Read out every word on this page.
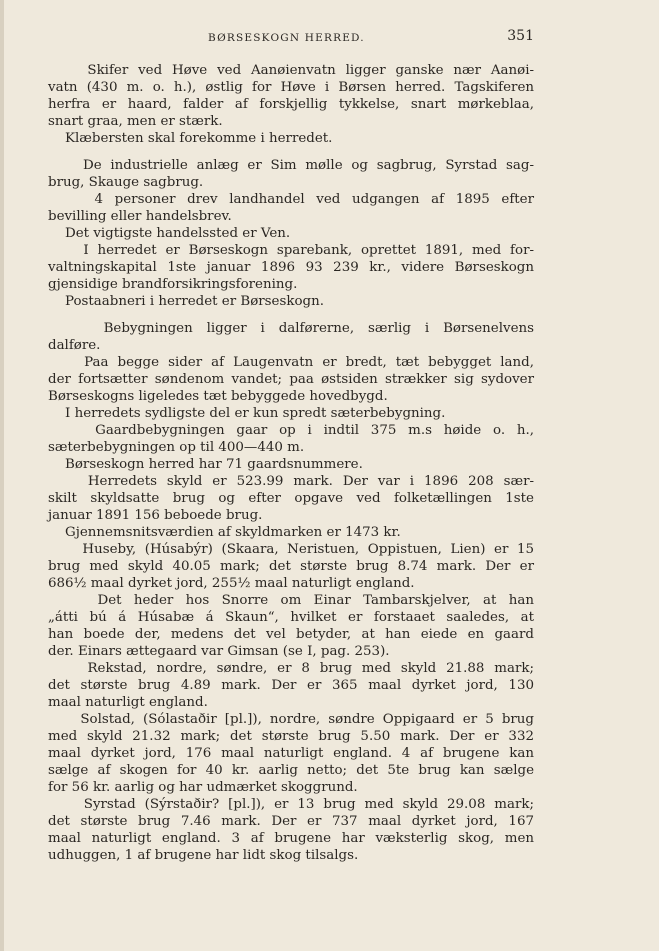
BØRSESKOGN HERRED.	351
Skifer ved Høve ved Aanøienvatn ligger ganske nær Aanøi-
vatn (430 m. o. h.), østlig for Høve i Børsen herred. Tagskiferen
herfra er haard, falder af forskjellig tykkelse, snart mørkeblaa,
snart graa, men er stærk.
Klæbersten skal forekomme i herredet.
De industrielle anlæg er Sim mølle og sagbrug, Syrstad sag-
brug, Skauge sagbrug.
4 personer drev landhandel ved udgangen af 1895 efter
bevilling eller handelsbrev.
Det vigtigste handelssted er Ven.
I herredet er Børseskogn sparebank, oprettet 1891, med for-
valtningskapital 1ste januar 1896 93 239 kr., videre Børseskogn
gjensidige brandforsikringsforening.
Postaabneri i herredet er Børseskogn.
Bebygningen ligger i dalførerne, særlig i Børsenelvens
dalføre.
Paa begge sider af Laugenvatn er bredt, tæt bebygget land,
der fortsætter søndenom vandet; paa østsiden strækker sig sydover
Børseskogns ligeledes tæt bebyggede hovedbygd.
I herredets sydligste del er kun spredt sæterbebygning.
Gaardbebygningen gaar op i indtil 375 m.s høide o. h.,
sæterbebygningen op til 400—440 m.
Børseskogn herred har 71 gaardsnummere.
Herredets skyld er 523.99 mark. Der var i 1896 208 sær-
skilt skyldsatte brug og efter opgave ved folketællingen 1ste
januar 1891 156 beboede brug.
Gjennemsnitsværdien af skyldmarken er 1473 kr.
Huseby, (Húsabýr) (Skaara, Neristuen, Oppistuen, Lien) er 15
brug med skyld 40.05 mark; det største brug 8.74 mark. Der er
686½ maal dyrket jord, 255½ maal naturligt england.
Det heder hos Snorre om Einar Tambarskjelver, at han
„átti bú á Húsabæ á Skaun“, hvilket er forstaaet saaledes, at
han boede der, medens det vel betyder, at han eiede en gaard
der. Einars ættegaard var Gimsan (se I, pag. 253).
Rekstad, nordre, søndre, er 8 brug med skyld 21.88 mark;
det største brug 4.89 mark. Der er 365 maal dyrket jord, 130
maal naturligt england.
Solstad, (Sólastaðir [pl.]), nordre, søndre Oppigaard er 5 brug
med skyld 21.32 mark; det største brug 5.50 mark. Der er 332
maal dyrket jord, 176 maal naturligt england. 4 af brugene kan
sælge af skogen for 40 kr. aarlig netto; det 5te brug kan sælge
for 56 kr. aarlig og har udmærket skoggrund.
Syrstad (Sýrstaðir? [pl.]), er 13 brug med skyld 29.08 mark;
det største brug 7.46 mark. Der er 737 maal dyrket jord, 167
maal naturligt england. 3 af brugene har væksterlig skog, men
udhuggen, 1 af brugene har lidt skog tilsalgs.
